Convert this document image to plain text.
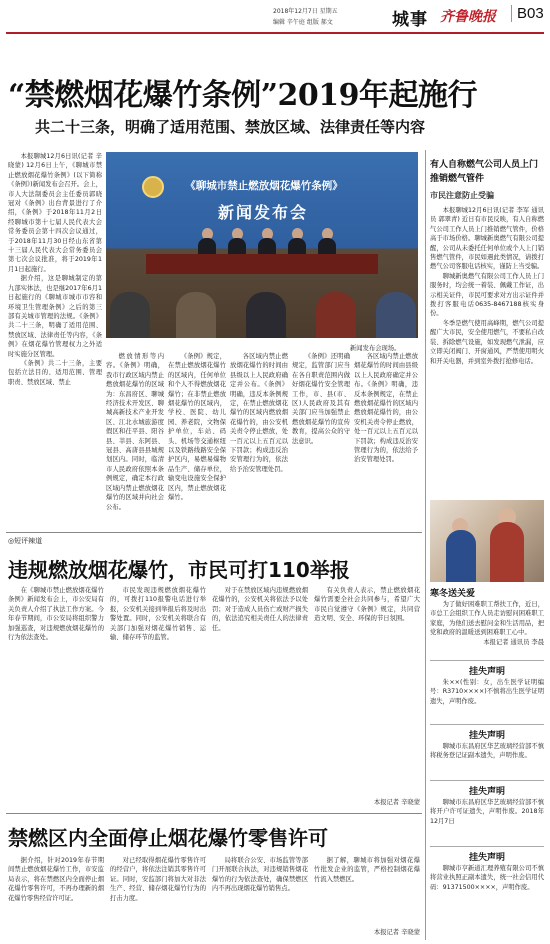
2018年12月7日 星期五
编辑 辛午庭 组版 郝文	城事 齐鲁晚报	B03
“禁燃烟花爆竹条例”2019年起施行
共二十三条，明确了适用范围、禁放区域、法律责任等内容

本报聊城12月6日讯(记者 辛晓蒙) 12月6日上午，《聊城市禁止燃放烟花爆竹条例》(以下简称《条例》)新闻发布会召开。会上，市人大法制委员会主任委员郭晓冠对《条例》出台背景进行了介绍，《条例》于2018年11月2日经聊城市第十七届人民代表大会常务委员会第十四次会议通过，于2018年11月30日经山东省第十三届人民代表大会常务委员会第七次会议批准，将于2019年1月1日起施行。

据介绍，这是聊城制定的第九部实体法，也是继2017年6月1日起施行的《聊城市城市市容和环境卫生管理条例》之后的第三部有关城市管理的法规。《条例》共二十三条，明确了适用范围、禁放区域、法律责任等内容，《条例》在烟花爆竹管理权力之外适时实施分区管理。

《条例》共二十三条，主要包括立法目的、适用范围、管理职责、禁放区域、禁止

《聊城市禁止燃放烟花爆竹条例》
新闻发布会
新闻发布会现场。

燃放情形等内容。《条例》明确，我市行政区域内禁止燃放烟花爆竹的区域为：东昌府区、聊城经济技术开发区、聊城高新技术产业开发区、江北水城旅游度假区和茌平县、阳谷县、莘县、东阿县、冠县、高唐县县城规划区内。同时，临清市人民政府依照本条例规定，确定本行政区域内禁止燃放烟花爆竹的区域并向社会公布。

《条例》规定，在禁止燃放烟花爆竹的区域内，任何单位和个人不得燃放烟花爆竹；在非禁止燃放烟花爆竹的区域内，学校、医院、幼儿园、养老院，文物保护单位，车站、码头、机场等交通枢纽以及铁路线路安全保护区内，易燃易爆物品生产、储存单位，输变电设施安全保护区内，禁止燃放烟花爆竹。

各区域内禁止燃放烟花爆竹的时间由县级以上人民政府确定并公布。《条例》明确，违反本条例规定，在禁止燃放烟花爆竹的区域内燃放烟花爆竹的，由公安机关责令停止燃放，处一百元以上五百元以下罚款；构成违反治安管理行为的，依法给予治安管理处罚。

《条例》还明确规定，监管部门应当在各自职责范围内做好烟花爆竹安全管理工作，市、县(市、区)人民政府及其有关部门应当加强禁止燃放烟花爆竹的宣传教育，提高公众的守法意识。

各区域内禁止燃放烟花爆竹的时间由县级以上人民政府确定并公布。《条例》明确，违反本条例规定，在禁止燃放烟花爆竹的区域内燃放烟花爆竹的，由公安机关责令停止燃放，处一百元以上五百元以下罚款；构成违反治安管理行为的，依法给予治安管理处罚。

有人自称燃气公司人员上门推销燃气管件
市民注意防止受骗

本报聊城12月6日讯(记者 李军 通讯员 郭翠青) 近日有市民反映，有人自称燃气公司工作人员上门推销燃气管件，价格高于市场价格。聊城新奥燃气有限公司提醒，公司从未委托任何单位或个人上门销售燃气管件，市民如遇此类情况，请拨打燃气公司客服电话核实，谨防上当受骗。

聊城新奥燃气有限公司工作人员上门服务时，均会统一着装、佩戴工作证，出示相关证件，市民可要求对方出示证件并拨打客服电话0635-8467188核实身份。

冬季是燃气使用高峰期，燃气公司提醒广大市民，安全使用燃气，不要私自改装、拆除燃气设施，如发现燃气泄漏，应立即关闭阀门、开窗通风，严禁使用明火和开关电器，并到室外拨打抢修电话。

寒冬送关爱

为了做好困难职工帮扶工作，近日，市总工会组织工作人员走访慰问困难职工家庭，为他们送去慰问金和生活用品，把党和政府的温暖送到困难职工心中。

本报记者 通讯员 李晨

挂失声明

朱××(性别：女，出生医学证明编号：R3710××××)不慎将出生医学证明遗失，声明作废。

挂失声明

聊城市东昌府区华艺玻璃经营部不慎将税务登记证副本遗失，声明作废。

挂失声明

聊城市东昌府区华艺玻璃经营部不慎将开户许可证遗失，声明作废。2018年12月7日

挂失声明

聊城市亨新道汇理养殖有限公司不慎将营业执照正副本遗失，统一社会信用代码：91371500××××，声明作废。

◎短评辣道
违规燃放烟花爆竹，市民可打110举报

在《聊城市禁止燃放烟花爆竹条例》新闻发布会上，市公安局有关负责人介绍了执法工作方案。今年春节期间，市公安局将组织警力加强巡查，对违规燃放烟花爆竹的行为依法查处。

市民发现违规燃放烟花爆竹的，可拨打110报警电话进行举报，公安机关接到举报后将及时出警处置。同时，公安机关将联合有关部门加强对烟花爆竹销售、运输、储存环节的监管。

对于在禁放区域内违规燃放烟花爆竹的，公安机关将依法予以处罚；对于造成人员伤亡或财产损失的，依法追究相关责任人的法律责任。

有关负责人表示，禁止燃放烟花爆竹需要全社会共同参与，希望广大市民自觉遵守《条例》规定，共同营造文明、安全、环保的节日氛围。

本报记者 辛晓蒙
禁燃区内全面停止烟花爆竹零售许可

据介绍，针对2019年春节期间禁止燃放烟花爆竹工作，市安监局表示，将在禁燃区内全面停止烟花爆竹零售许可，不再办理新的烟花爆竹零售经营许可证。

对已经取得烟花爆竹零售许可的经营户，将依法注销其零售许可证。同时，安监部门将加大对非法生产、经营、储存烟花爆竹行为的打击力度。

局将联合公安、市场监管等部门开展联合执法，对违规销售烟花爆竹的行为依法查处，确保禁燃区内不再出现烟花爆竹销售点。

据了解，聊城市将加强对烟花爆竹批发企业的监管，严格控制烟花爆竹流入禁燃区。

本报记者 辛晓蒙
